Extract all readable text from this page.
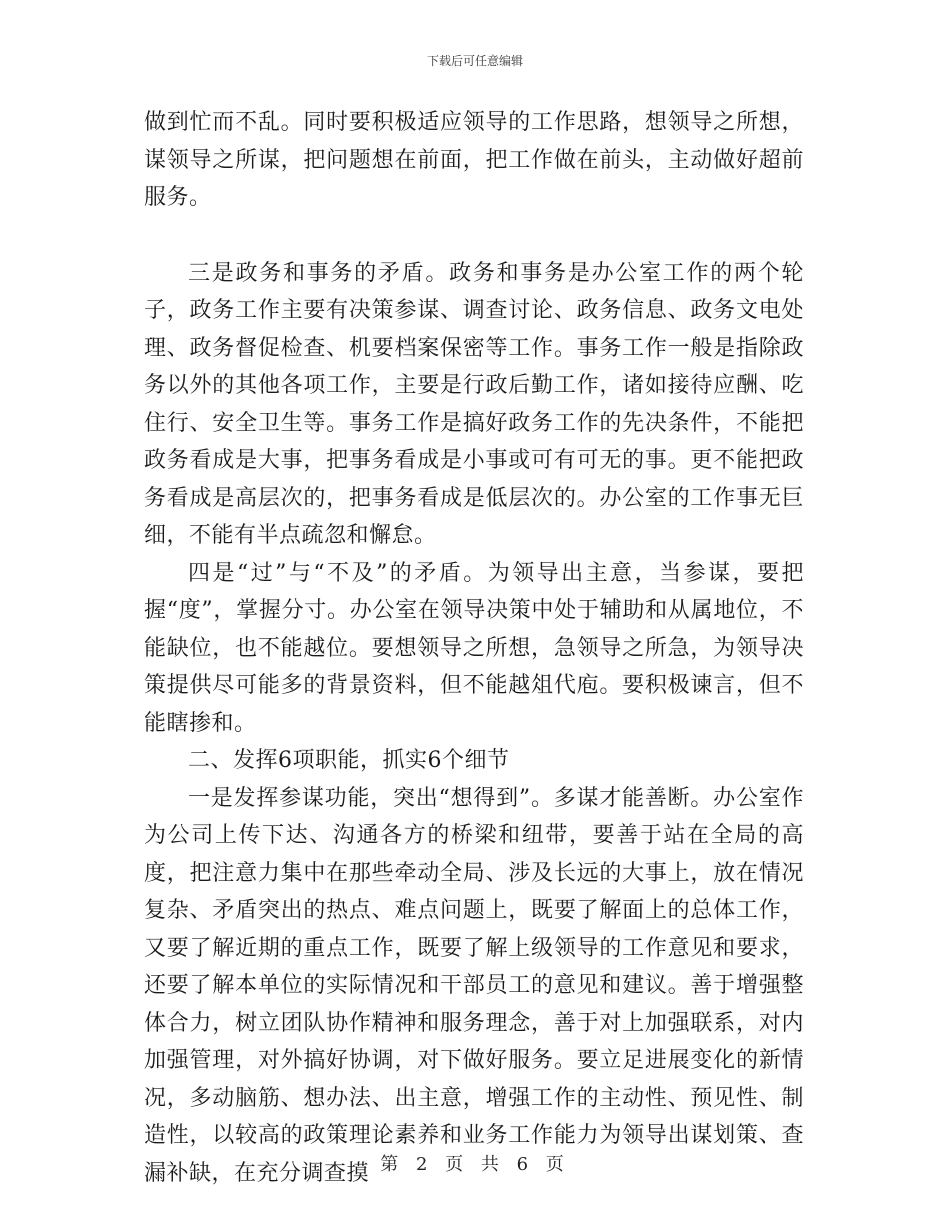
下载后可任意编辑

做到忙而不乱。同时要积极适应领导的工作思路，想领导之所想，谋领导之所谋，把问题想在前面，把工作做在前头，主动做好超前服务。

三是政务和事务的矛盾。政务和事务是办公室工作的两个轮子，政务工作主要有决策参谋、调查讨论、政务信息、政务文电处理、政务督促检查、机要档案保密等工作。事务工作一般是指除政务以外的其他各项工作，主要是行政后勤工作，诸如接待应酬、吃住行、安全卫生等。事务工作是搞好政务工作的先决条件，不能把政务看成是大事，把事务看成是小事或可有可无的事。更不能把政务看成是高层次的，把事务看成是低层次的。办公室的工作事无巨细，不能有半点疏忽和懈怠。

四是“过”与“不及”的矛盾。为领导出主意，当参谋，要把握“度”，掌握分寸。办公室在领导决策中处于辅助和从属地位，不能缺位，也不能越位。要想领导之所想，急领导之所急，为领导决策提供尽可能多的背景资料，但不能越俎代庖。要积极谏言，但不能瞎掺和。

二、发挥6项职能，抓实6个细节

一是发挥参谋功能，突出“想得到”。多谋才能善断。办公室作为公司上传下达、沟通各方的桥梁和纽带，要善于站在全局的高度，把注意力集中在那些牵动全局、涉及长远的大事上，放在情况复杂、矛盾突出的热点、难点问题上，既要了解面上的总体工作，又要了解近期的重点工作，既要了解上级领导的工作意见和要求，还要了解本单位的实际情况和干部员工的意见和建议。善于增强整体合力，树立团队协作精神和服务理念，善于对上加强联系，对内加强管理，对外搞好协调，对下做好服务。要立足进展变化的新情况，多动脑筋、想办法、出主意，增强工作的主动性、预见性、制造性，以较高的政策理论素养和业务工作能力为领导出谋划策、查漏补缺，在充分调查摸 第 2 页 共 6 页
